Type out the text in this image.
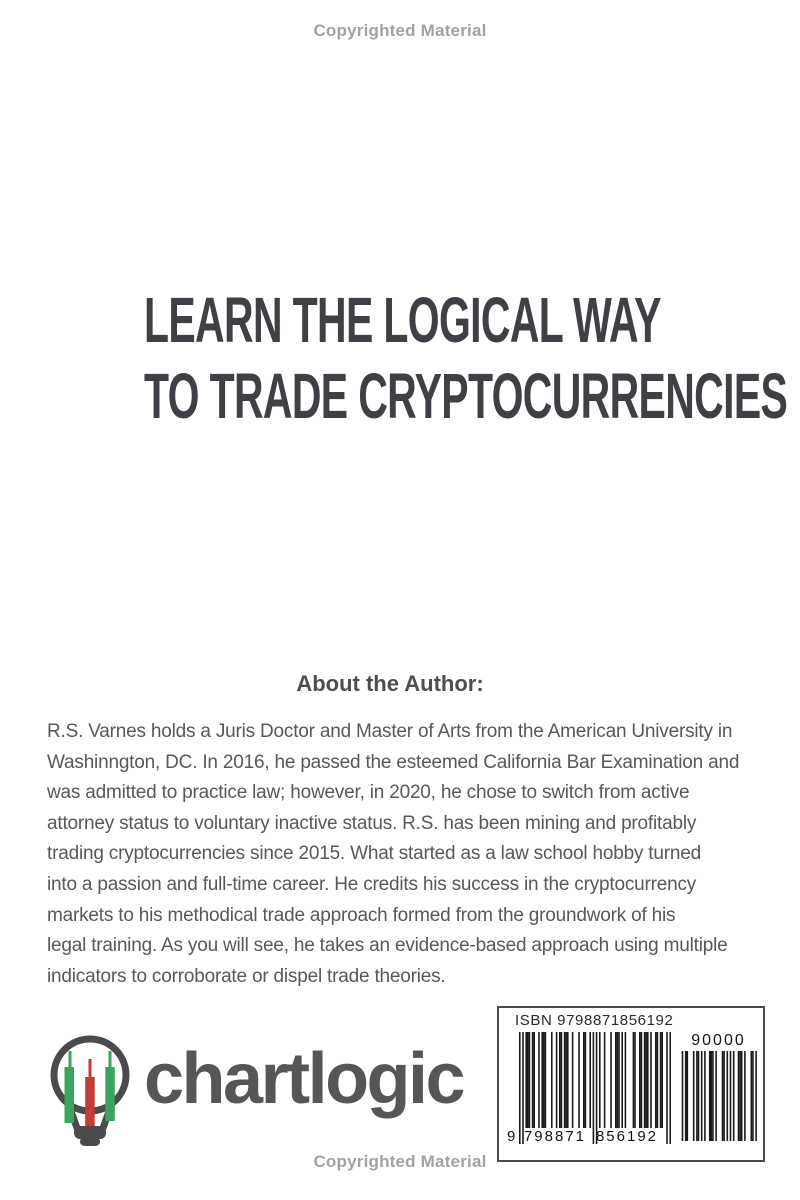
Copyrighted Material
LEARN THE LOGICAL WAY
TO TRADE CRYPTOCURRENCIES
About the Author:
R.S. Varnes holds a Juris Doctor and Master of Arts from the American University in
Washinngton, DC. In 2016, he passed the esteemed California Bar Examination and
was admitted to practice law; however, in 2020, he chose to switch from active
attorney status to voluntary inactive status. R.S. has been mining and profitably
trading cryptocurrencies since 2015. What started as a law school hobby turned
into a passion and full-time career. He credits his success in the cryptocurrency
markets to his methodical trade approach formed from the groundwork of his
legal training. As you will see, he takes an evidence-based approach using multiple
indicators to corroborate or dispel trade theories.
chartlogic
ISBN 9798871856192
9 798871 856192
90000
Copyrighted Material
